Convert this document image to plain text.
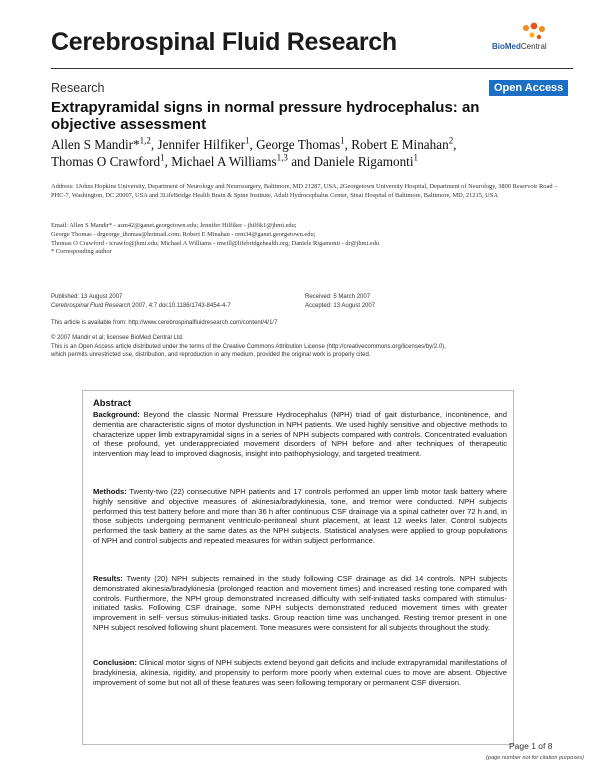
Cerebrospinal Fluid Research	BioMedCentral
Research	Open Access
Extrapyramidal signs in normal pressure hydrocephalus: an objective assessment
Allen S Mandir*$^{1,2}$, Jennifer Hilfiker$^1$, George Thomas$^1$, Robert E Minahan$^2$,
Thomas O Crawford$^1$, Michael A Williams$^{1,3}$ and Daniele Rigamonti$^1$
Address: 1Johns Hopkins University, Department of Neurology and Neurosurgery, Baltimore, MD 21287, USA, 2Georgetown University Hospital, Department of Neurology, 3800 Reservoir Road – PHC-7, Washington, DC 20007, USA and 3LifeBridge Health Brain & Spine Institute, Adult Hydrocephalus Center, Sinai Hospital of Baltimore, Baltimore, MD, 21215, USA
Email: Allen S Mandir* - asm42@ganet.georgetown.edu; Jennifer Hilfiker - jhilfik1@jhmi.edu;
George Thomas - drgeorge_thomas@hotmail.com; Robert E Minahan - rem34@ganet.georgetown.edu;
Thomas O Crawford - tcrawfo@jhmi.edu; Michael A Williams - mwill@lifebridgehealth.org; Daniele Rigamonti - dr@jhmi.edu
* Corresponding author
Published: 13 August 2007
Cerebrospinal Fluid Research 2007, 4:7 doi:10.1186/1743-8454-4-7
Received: 5 March 2007
Accepted: 13 August 2007
This article is available from: http://www.cerebrospinalfluidresearch.com/content/4/1/7
© 2007 Mandir et al; licensee BioMed Central Ltd.
This is an Open Access article distributed under the terms of the Creative Commons Attribution License (http://creativecommons.org/licenses/by/2.0),
which permits unrestricted use, distribution, and reproduction in any medium, provided the original work is properly cited.
Abstract
Background: Beyond the classic Normal Pressure Hydrocephalus (NPH) triad of gait disturbance, incontinence, and dementia are characteristic signs of motor dysfunction in NPH patients. We used highly sensitive and objective methods to characterize upper limb extrapyramidal signs in a series of NPH subjects compared with controls. Concentrated evaluation of these profound, yet underappreciated movement disorders of NPH before and after techniques of therapeutic intervention may lead to improved diagnosis, insight into pathophysiology, and targeted treatment.
Methods: Twenty-two (22) consecutive NPH patients and 17 controls performed an upper limb motor task battery where highly sensitive and objective measures of akinesia/bradykinesia, tone, and tremor were conducted. NPH subjects performed this test battery before and more than 36 h after continuous CSF drainage via a spinal catheter over 72 h and, in those subjects undergoing permanent ventriculo-peritoneal shunt placement, at least 12 weeks later. Control subjects performed the task battery at the same dates as the NPH subjects. Statistical analyses were applied to group populations of NPH and control subjects and repeated measures for within subject performance.
Results: Twenty (20) NPH subjects remained in the study following CSF drainage as did 14 controls. NPH subjects demonstrated akinesia/bradykinesia (prolonged reaction and movement times) and increased resting tone compared with controls. Furthermore, the NPH group demonstrated increased difficulty with self-initiated tasks compared with stimulus-initiated tasks. Following CSF drainage, some NPH subjects demonstrated reduced movement times with greater improvement in self- versus stimulus-initiated tasks. Group reaction time was unchanged. Resting tremor present in one NPH subject resolved following shunt placement. Tone measures were consistent for all subjects throughout the study.
Conclusion: Clinical motor signs of NPH subjects extend beyond gait deficits and include extrapyramidal manifestations of bradykinesia, akinesia, rigidity, and propensity to perform more poorly when external cues to move are absent. Objective improvement of some but not all of these features was seen following temporary or permanent CSF diversion.
Page 1 of 8
(page number not for citation purposes)
